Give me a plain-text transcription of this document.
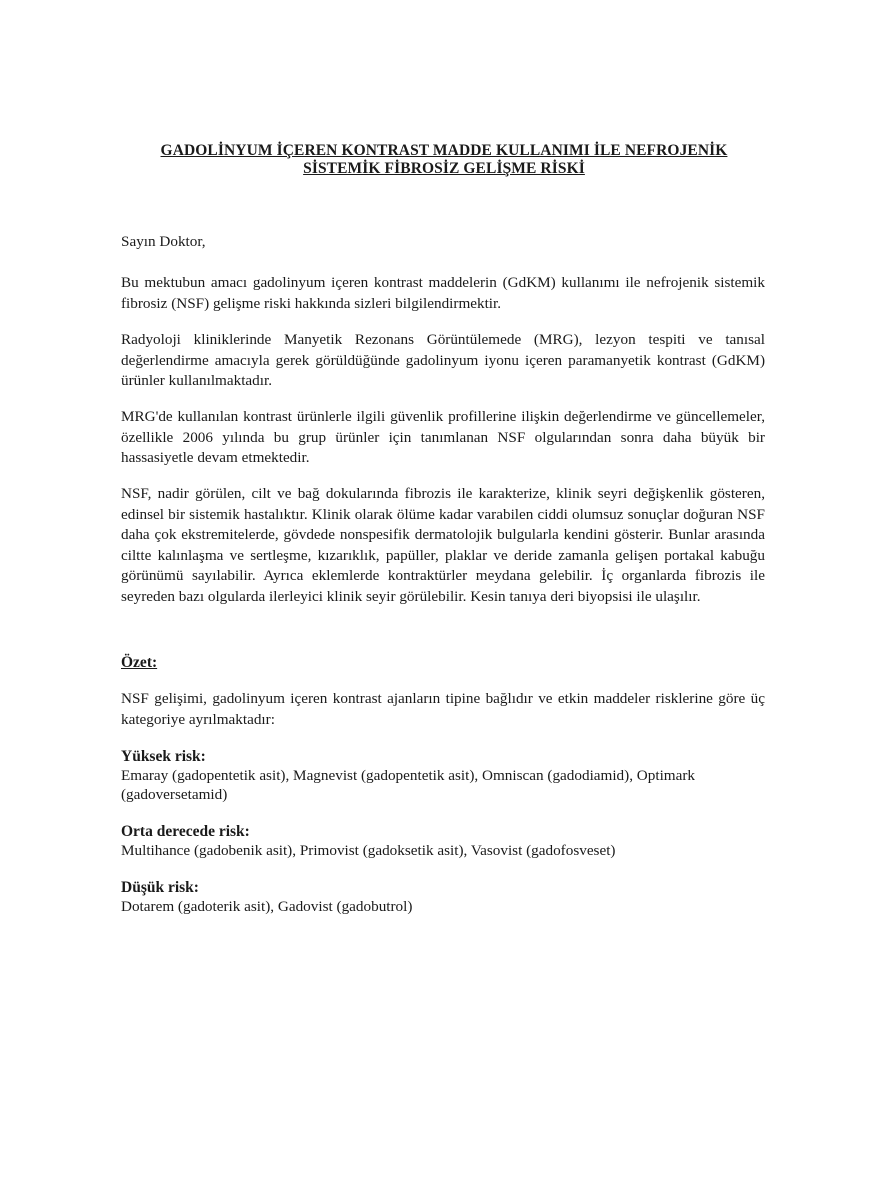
GADOLİNYUM İÇEREN KONTRAST MADDE KULLANIMI İLE NEFROJENİK
SİSTEMİK FİBROSİZ GELİŞME RİSKİ

Sayın Doktor,

Bu mektubun amacı gadolinyum içeren kontrast maddelerin (GdKM) kullanımı ile nefrojenik sistemik fibrosiz (NSF) gelişme riski hakkında sizleri bilgilendirmektir.

Radyoloji kliniklerinde Manyetik Rezonans Görüntülemede (MRG), lezyon tespiti ve tanısal değerlendirme amacıyla gerek görüldüğünde gadolinyum iyonu içeren paramanyetik kontrast (GdKM) ürünler kullanılmaktadır.

MRG'de kullanılan kontrast ürünlerle ilgili güvenlik profillerine ilişkin değerlendirme ve güncellemeler, özellikle 2006 yılında bu grup ürünler için tanımlanan NSF olgularından sonra daha büyük bir hassasiyetle devam etmektedir.

NSF, nadir görülen, cilt ve bağ dokularında fibrozis ile karakterize, klinik seyri değişkenlik gösteren, edinsel bir sistemik hastalıktır. Klinik olarak ölüme kadar varabilen ciddi olumsuz sonuçlar doğuran NSF daha çok ekstremitelerde, gövdede nonspesifik dermatolojik bulgularla kendini gösterir. Bunlar arasında ciltte kalınlaşma ve sertleşme, kızarıklık, papüller, plaklar ve deride zamanla gelişen portakal kabuğu görünümü sayılabilir. Ayrıca eklemlerde kontraktürler meydana gelebilir. İç organlarda fibrozis ile seyreden bazı olgularda ilerleyici klinik seyir görülebilir. Kesin tanıya deri biyopsisi ile ulaşılır.

Özet:

NSF gelişimi, gadolinyum içeren kontrast ajanların tipine bağlıdır ve etkin maddeler risklerine göre üç kategoriye ayrılmaktadır:

Yüksek risk:
Emaray (gadopentetik asit), Magnevist (gadopentetik asit), Omniscan (gadodiamid), Optimark (gadoversetamid)
Orta derecede risk:
Multihance (gadobenik asit), Primovist (gadoksetik asit), Vasovist (gadofosveset)
Düşük risk:
Dotarem (gadoterik asit), Gadovist (gadobutrol)
